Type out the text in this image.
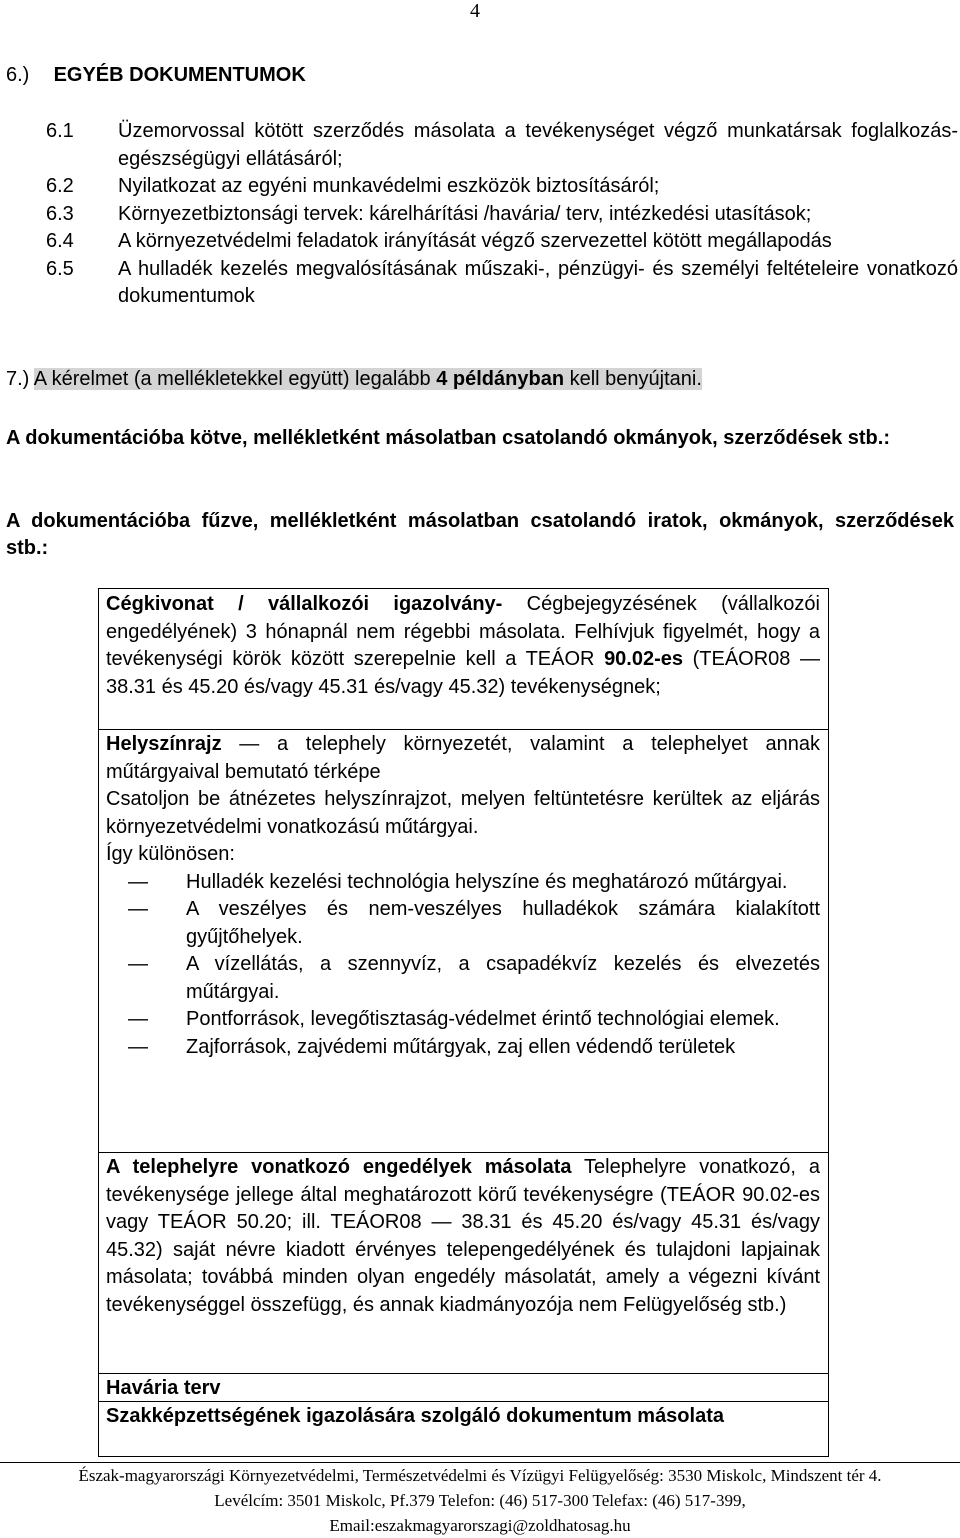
4
6.) EGYÉB DOKUMENTUMOK
6.1	Üzemorvossal kötött szerződés másolata a tevékenységet végző munkatársak foglalkozás-egészségügyi ellátásáról;
6.2	Nyilatkozat az egyéni munkavédelmi eszközök biztosításáról;
6.3	Környezetbiztonsági tervek: kárelhárítási /havária/ terv, intézkedési utasítások;
6.4	A környezetvédelmi feladatok irányítását végző szervezettel kötött megállapodás
6.5	A hulladék kezelés megvalósításának műszaki-, pénzügyi- és személyi feltételeire vonatkozó dokumentumok
7.) A kérelmet (a mellékletekkel együtt) legalább 4 példányban kell benyújtani.
A dokumentációba kötve, mellékletként másolatban csatolandó okmányok, szerződések stb.:
A dokumentációba fűzve, mellékletként másolatban csatolandó iratok, okmányok, szerződések stb.:
Cégkivonat / vállalkozói igazolvány- Cégbejegyzésének (vállalkozói engedélyének) 3 hónapnál nem régebbi másolata. Felhívjuk figyelmét, hogy a tevékenységi körök között szerepelnie kell a TEÁOR 90.02-es (TEÁOR08 — 38.31 és 45.20 és/vagy 45.31 és/vagy 45.32) tevékenységnek;
Helyszínrajz — a telephely környezetét, valamint a telephelyet annak műtárgyaival bemutató térképe
Csatoljon be átnézetes helyszínrajzot, melyen feltüntetésre kerültek az eljárás környezetvédelmi vonatkozású műtárgyai.
Így különösen:
—	Hulladék kezelési technológia helyszíne és meghatározó műtárgyai.
—	A veszélyes és nem-veszélyes hulladékok számára kialakított gyűjtőhelyek.
—	A vízellátás, a szennyvíz, a csapadékvíz kezelés és elvezetés műtárgyai.
—	Pontforrások, levegőtisztaság-védelmet érintő technológiai elemek.
—	Zajforrások, zajvédemi műtárgyak, zaj ellen védendő területek
A telephelyre vonatkozó engedélyek másolata Telephelyre vonatkozó, a tevékenysége jellege által meghatározott körű tevékenységre (TEÁOR 90.02-es vagy TEÁOR 50.20; ill. TEÁOR08 — 38.31 és 45.20 és/vagy 45.31 és/vagy 45.32) saját névre kiadott érvényes telepengedélyének és tulajdoni lapjainak másolata; továbbá minden olyan engedély másolatát, amely a végezni kívánt tevékenységgel összefügg, és annak kiadmányozója nem Felügyelőség stb.)
Havária terv
Szakképzettségének igazolására szolgáló dokumentum másolata
Észak-magyarországi Környezetvédelmi, Természetvédelmi és Vízügyi Felügyelőség: 3530 Miskolc, Mindszent tér 4.
Levélcím: 3501 Miskolc, Pf.379 Telefon: (46) 517-300 Telefax: (46) 517-399,
Email:eszakmagyarorszagi@zoldhatosag.hu
